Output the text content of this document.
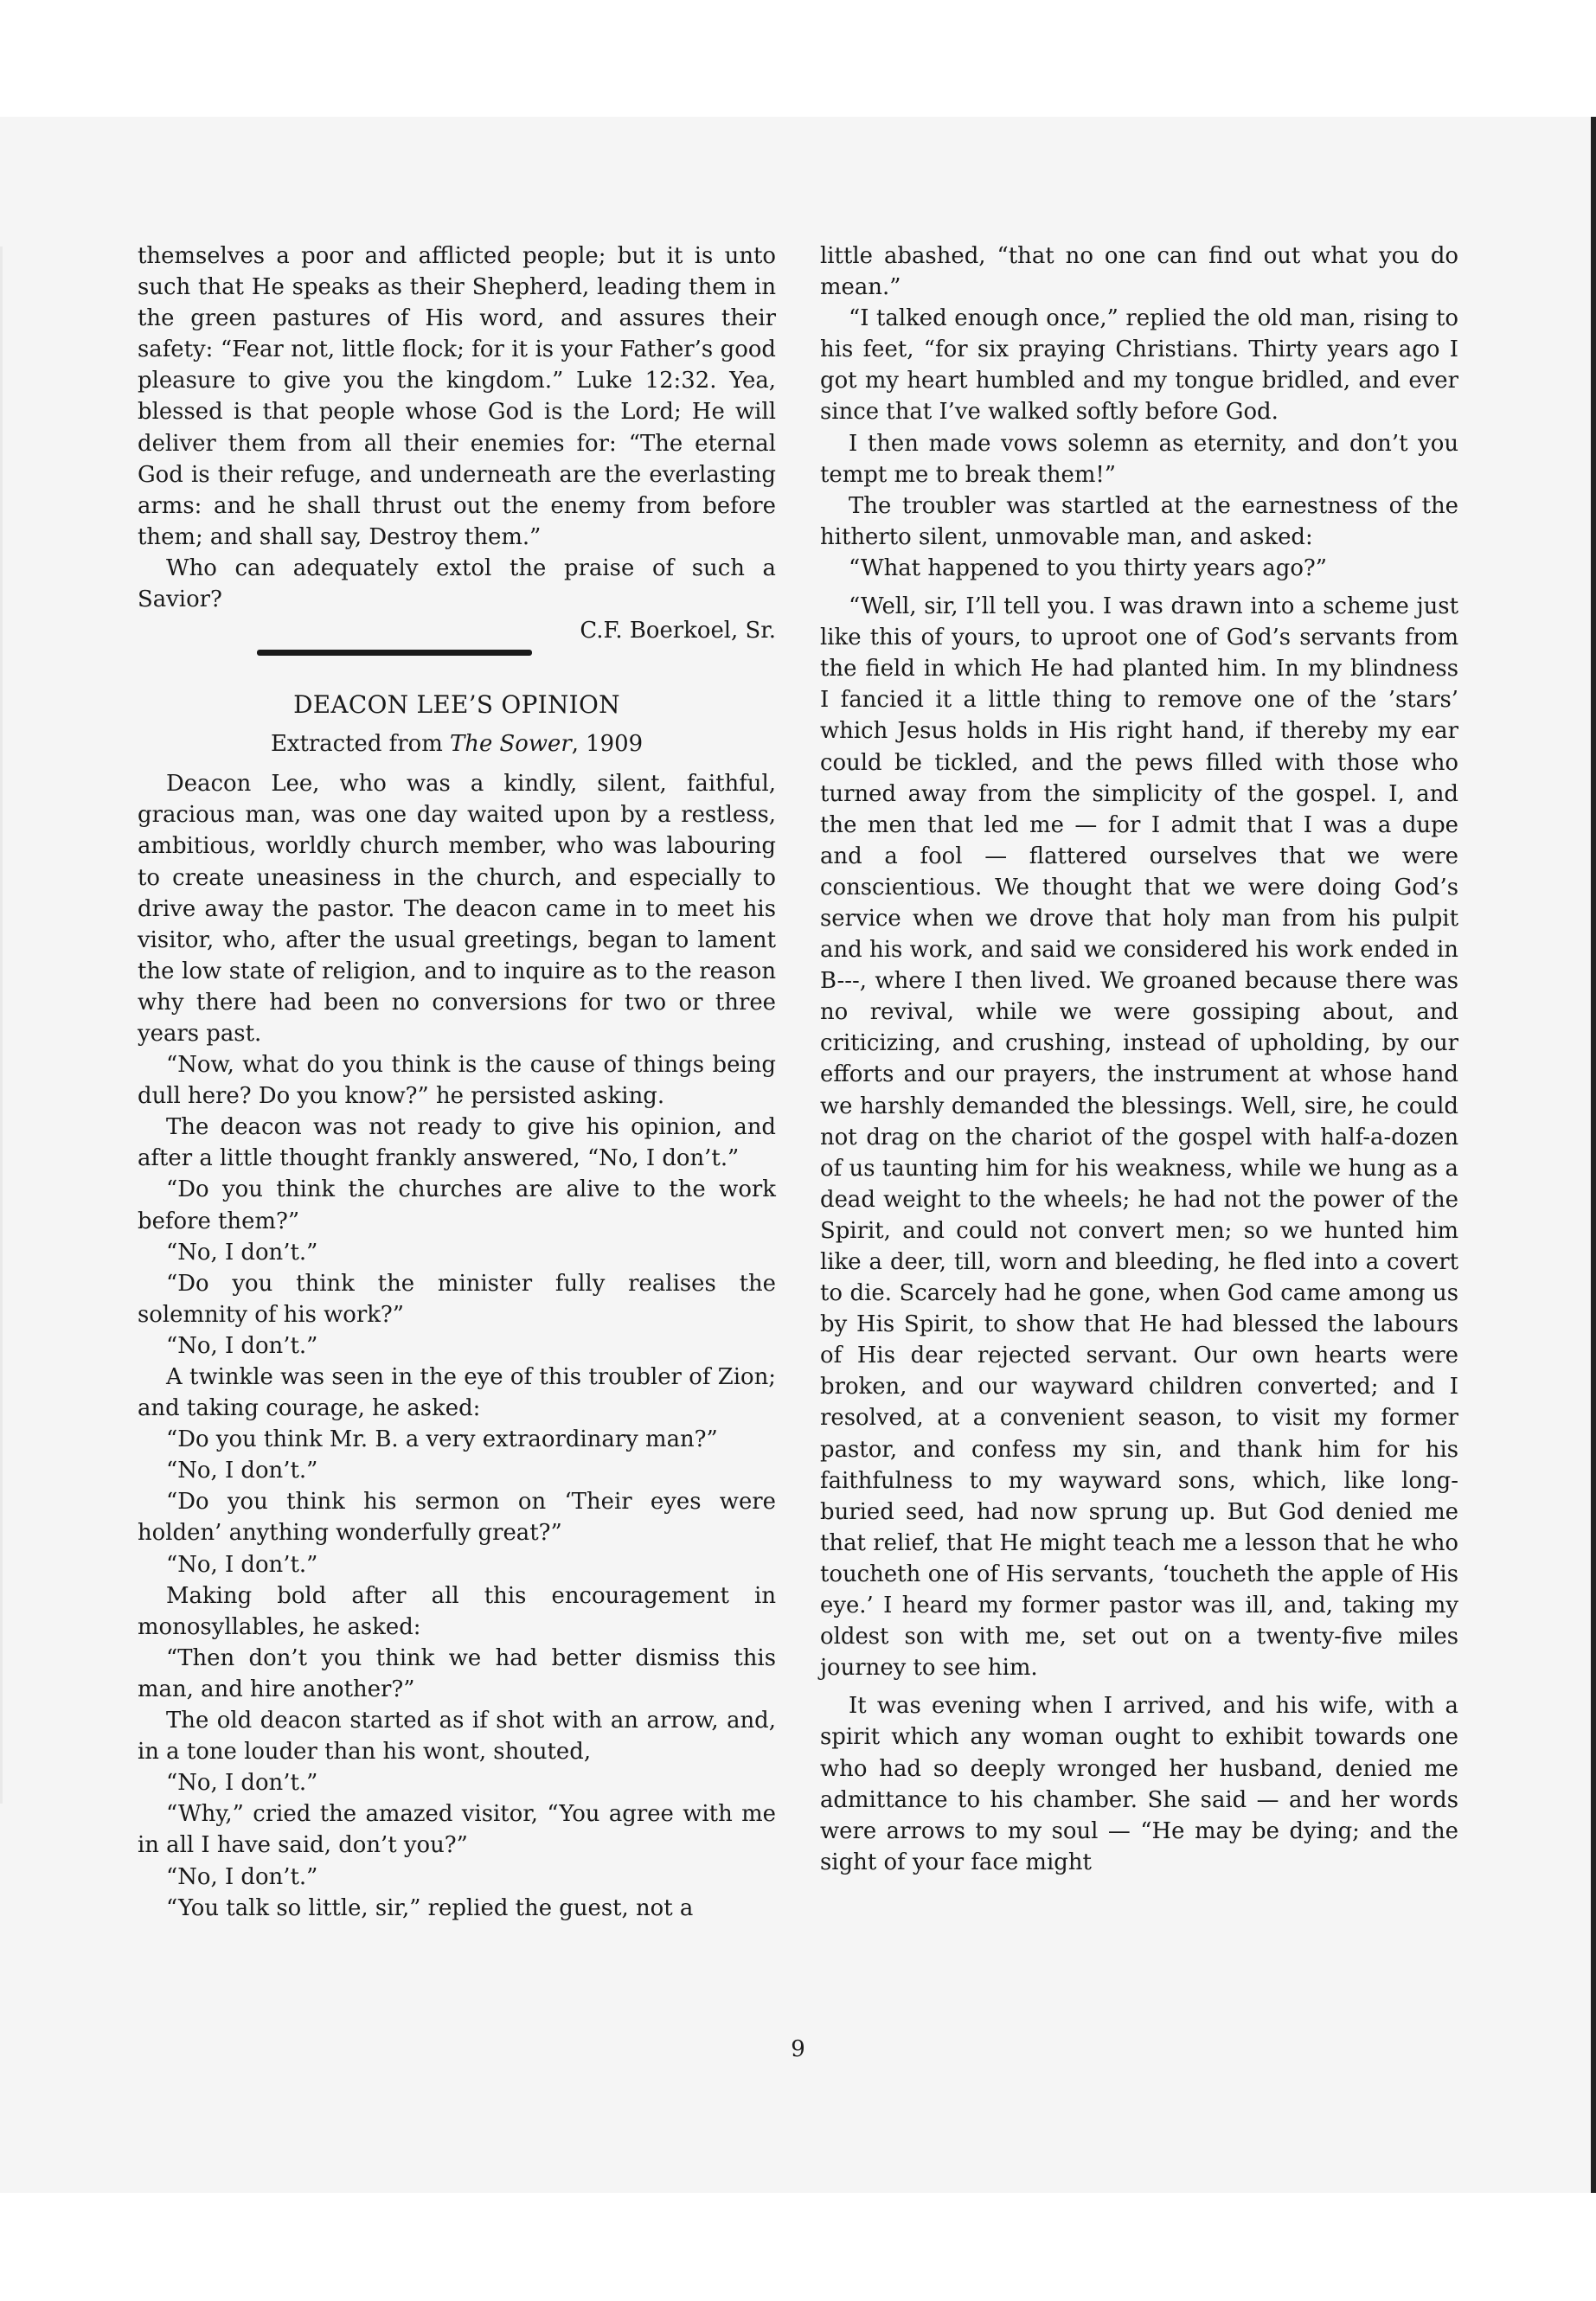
themselves a poor and afflicted people; but it is unto such that He speaks as their Shepherd, leading them in the green pastures of His word, and assures their safety: “Fear not, little flock; for it is your Father’s good pleasure to give you the kingdom.” Luke 12:32. Yea, blessed is that people whose God is the Lord; He will deliver them from all their enemies for: “The eternal God is their refuge, and underneath are the everlasting arms: and he shall thrust out the enemy from before them; and shall say, Destroy them.”

Who can adequately extol the praise of such a Savior?

C.F. Boerkoel, Sr.

DEACON LEE’S OPINION
Extracted from The Sower, 1909

Deacon Lee, who was a kindly, silent, faithful, gracious man, was one day waited upon by a restless, ambitious, worldly church member, who was labouring to create uneasiness in the church, and especially to drive away the pastor. The deacon came in to meet his visitor, who, after the usual greetings, began to lament the low state of religion, and to inquire as to the reason why there had been no conversions for two or three years past.

“Now, what do you think is the cause of things being dull here? Do you know?” he persisted asking.

The deacon was not ready to give his opinion, and after a little thought frankly answered, “No, I don’t.”

“Do you think the churches are alive to the work before them?”

“No, I don’t.”

“Do you think the minister fully realises the solemnity of his work?”

“No, I don’t.”

A twinkle was seen in the eye of this troubler of Zion; and taking courage, he asked:

“Do you think Mr. B. a very extraordinary man?”

“No, I don’t.”

“Do you think his sermon on ‘Their eyes were holden’ anything wonderfully great?”

“No, I don’t.”

Making bold after all this encouragement in monosyllables, he asked:

“Then don’t you think we had better dismiss this man, and hire another?”

The old deacon started as if shot with an arrow, and, in a tone louder than his wont, shouted,

“No, I don’t.”

“Why,” cried the amazed visitor, “You agree with me in all I have said, don’t you?”

“No, I don’t.”

“You talk so little, sir,” replied the guest, not a

little abashed, “that no one can find out what you do mean.”

“I talked enough once,” replied the old man, rising to his feet, “for six praying Christians. Thirty years ago I got my heart humbled and my tongue bridled, and ever since that I’ve walked softly before God.

I then made vows solemn as eternity, and don’t you tempt me to break them!”

The troubler was startled at the earnestness of the hitherto silent, unmovable man, and asked:

“What happened to you thirty years ago?”

“Well, sir, I’ll tell you. I was drawn into a scheme just like this of yours, to uproot one of God’s servants from the field in which He had planted him. In my blindness I fancied it a little thing to remove one of the ’stars’ which Jesus holds in His right hand, if thereby my ear could be tickled, and the pews filled with those who turned away from the simplicity of the gospel. I, and the men that led me — for I admit that I was a dupe and a fool — flattered ourselves that we were conscientious. We thought that we were doing God’s service when we drove that holy man from his pulpit and his work, and said we considered his work ended in B---, where I then lived. We groaned because there was no revival, while we were gossiping about, and criticizing, and crushing, instead of upholding, by our efforts and our prayers, the instrument at whose hand we harshly demanded the blessings. Well, sire, he could not drag on the chariot of the gospel with half-a-dozen of us taunting him for his weakness, while we hung as a dead weight to the wheels; he had not the power of the Spirit, and could not convert men; so we hunted him like a deer, till, worn and bleeding, he fled into a covert to die. Scarcely had he gone, when God came among us by His Spirit, to show that He had blessed the labours of His dear rejected servant. Our own hearts were broken, and our wayward children converted; and I resolved, at a convenient season, to visit my former pastor, and confess my sin, and thank him for his faithfulness to my wayward sons, which, like long-buried seed, had now sprung up. But God denied me that relief, that He might teach me a lesson that he who toucheth one of His servants, ‘toucheth the apple of His eye.’ I heard my former pastor was ill, and, taking my oldest son with me, set out on a twenty-five miles journey to see him.

It was evening when I arrived, and his wife, with a spirit which any woman ought to exhibit towards one who had so deeply wronged her husband, denied me admittance to his chamber. She said — and her words were arrows to my soul — “He may be dying; and the sight of your face might

9
